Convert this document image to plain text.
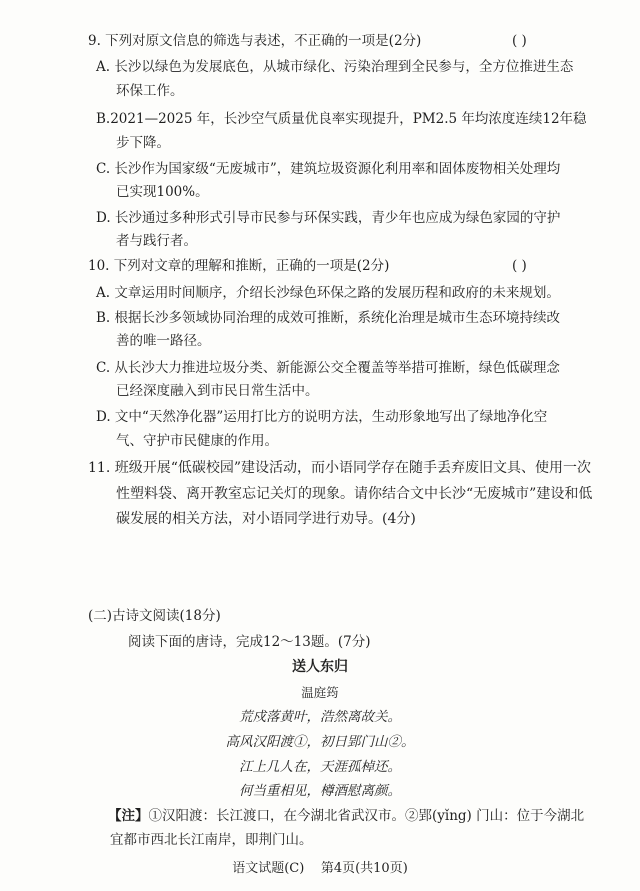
9. 下列对原文信息的筛选与表述，不正确的一项是(2分)	( )
A. 长沙以绿色为发展底色，从城市绿化、污染治理到全民参与，全方位推进生态
环保工作。
B.2021—2025 年，长沙空气质量优良率实现提升，PM2.5 年均浓度连续12年稳
步下降。
C. 长沙作为国家级“无废城市”，建筑垃圾资源化利用率和固体废物相关处理均
已实现100%。
D. 长沙通过多种形式引导市民参与环保实践，青少年也应成为绿色家园的守护
者与践行者。
10. 下列对文章的理解和推断，正确的一项是(2分)	( )
A. 文章运用时间顺序，介绍长沙绿色环保之路的发展历程和政府的未来规划。
B. 根据长沙多领域协同治理的成效可推断，系统化治理是城市生态环境持续改
善的唯一路径。
C. 从长沙大力推进垃圾分类、新能源公交全覆盖等举措可推断，绿色低碳理念
已经深度融入到市民日常生活中。
D. 文中“天然净化器”运用打比方的说明方法，生动形象地写出了绿地净化空
气、守护市民健康的作用。
11. 班级开展“低碳校园”建设活动，而小语同学存在随手丢弃废旧文具、使用一次
性塑料袋、离开教室忘记关灯的现象。请你结合文中长沙“无废城市”建设和低
碳发展的相关方法，对小语同学进行劝导。(4分)
(二)古诗文阅读(18分)
阅读下面的唐诗，完成12～13题。(7分)
送人东归
温庭筠
荒戍落黄叶，浩然离故关。
高风汉阳渡①，初日郢门山②。
江上几人在，天涯孤棹还。
何当重相见，樽酒慰离颜。
【注】①汉阳渡：长江渡口，在今湖北省武汉市。②郢(yǐng) 门山：位于今湖北
宜都市西北长江南岸，即荆门山。
语文试题(C)    第4页(共10页)
